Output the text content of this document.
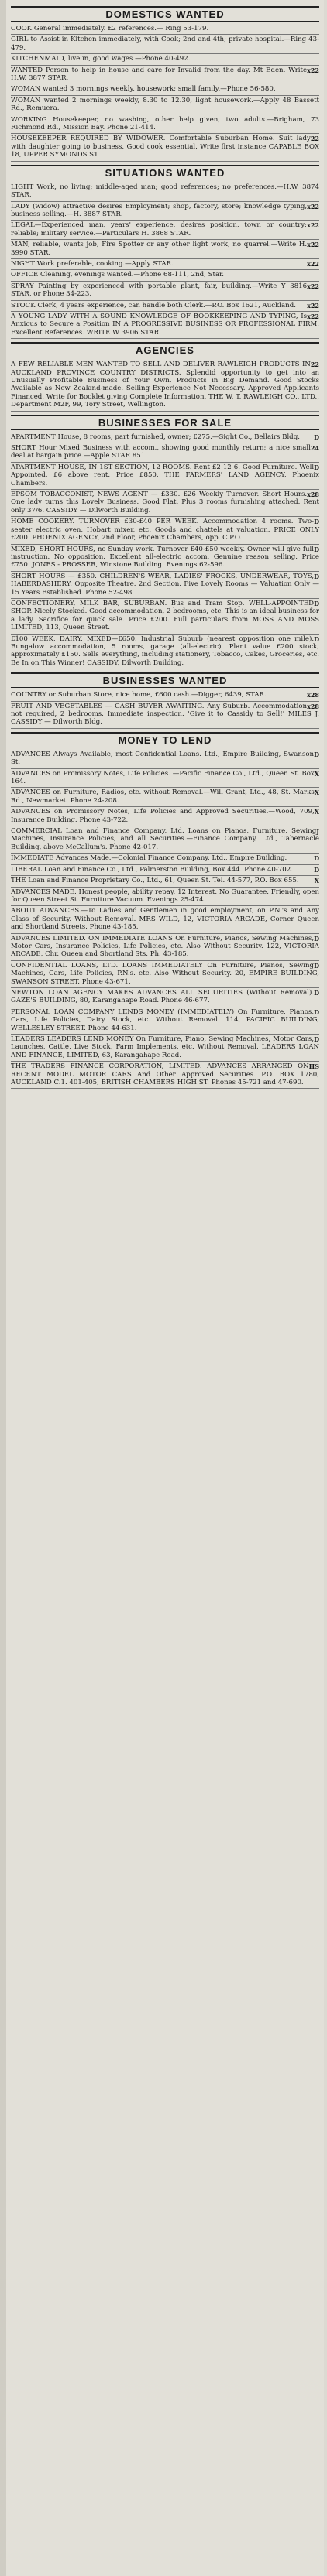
DOMESTICS WANTED
COOK General immediately. £2 references.— Ring 53-179.
GIRL to Assist in Kitchen immediately, with Cook; 2nd and 4th; private hospital.—Ring 43-479.
KITCHENMAID, live in, good wages.—Phone 40-492.
x22
WANTED Person to help in house and care for Invalid from the day. Mt Eden. Write H.W. 3877 STAR.
WOMAN wanted 3 mornings weekly, housework; small family.—Phone 56-580.
WOMAN wanted 2 mornings weekly, 8.30 to 12.30, light housework.—Apply 48 Bassett Rd., Remuera.
WORKING Housekeeper, no washing, other help given, two adults.—Brigham, 73 Richmond Rd., Mission Bay. Phone 21-414.
22
HOUSEKEEPER REQUIRED BY WIDOWER. Comfortable Suburban Home. Suit lady with daughter going to business. Good cook essential. Write first instance CAPABLE BOX 18, UPPER SYMONDS ST.
SITUATIONS WANTED
LIGHT Work, no living; middle-aged man; good references; no preferences.—H.W. 3874 STAR.
x22
LADY (widow) attractive desires Employment; shop, factory, store; knowledge typing, business selling.—H. 3887 STAR.
x22
LEGAL—Experienced man, years' experience, desires position, town or country; reliable; military service.—Particulars H. 3868 STAR.
x22
MAN, reliable, wants job, Fire Spotter or any other light work, no quarrel.—Write H. 3990 STAR.
x22
NIGHT Work preferable, cooking.—Apply STAR.
OFFICE Cleaning, evenings wanted.—Phone 68-111, 2nd, Star.
x22
SPRAY Painting by experienced with portable plant, fair, building.—Write Y 3816 STAR, or Phone 34-223.
x22
STOCK Clerk, 4 years experience, can handle both Clerk.—P.O. Box 1621, Auckland.
x22
A YOUNG LADY WITH A SOUND KNOWLEDGE OF BOOKKEEPING AND TYPING, Is Anxious to Secure a Position IN A PROGRESSIVE BUSINESS OR PROFESSIONAL FIRM. Excellent References. WRITE W 3906 STAR.
AGENCIES
22
A FEW RELIABLE MEN WANTED TO SELL AND DELIVER RAWLEIGH PRODUCTS IN AUCKLAND PROVINCE COUNTRY DISTRICTS. Splendid opportunity to get into an Unusually Profitable Business of Your Own. Products in Big Demand. Good Stocks Available as New Zealand-made. Selling Experience Not Necessary. Approved Applicants Financed. Write for Booklet giving Complete Information. THE W. T. RAWLEIGH CO., LTD., Department M2F, 99, Tory Street, Wellington.
BUSINESSES FOR SALE
D
APARTMENT House, 8 rooms, part furnished, owner; £275.—Sight Co., Bellairs Bldg.
24
SHORT Hour Mixed Business with accom., showing good monthly return; a nice small deal at bargain price.—Apple STAR 851.
D
APARTMENT HOUSE, IN 1ST SECTION, 12 ROOMS. Rent £2 12 6. Good Furniture. Well Appointed. £6 above rent. Price £850. THE FARMERS' LAND AGENCY, Phoenix Chambers.
x28
EPSOM TOBACCONIST, NEWS AGENT — £330. £26 Weekly Turnover. Short Hours. One lady turns this Lovely Business. Good Flat. Plus 3 rooms furnishing attached. Rent only 37/6. CASSIDY — Dilworth Building.
D
HOME COOKERY. TURNOVER £30-£40 PER WEEK. Accommodation 4 rooms. Two-seater electric oven, Hobart mixer, etc. Goods and chattels at valuation. PRICE ONLY £200. PHOENIX AGENCY, 2nd Floor, Phoenix Chambers, opp. C.P.O.
D
MIXED, SHORT HOURS, no Sunday work. Turnover £40-£50 weekly. Owner will give full instruction. No opposition. Excellent all-electric accom. Genuine reason selling. Price £750. JONES - PROSSER, Winstone Building. Evenings 62-596.
D
SHORT HOURS — £350. CHILDREN'S WEAR, LADIES' FROCKS, UNDERWEAR, TOYS, HABERDASHERY. Opposite Theatre. 2nd Section. Five Lovely Rooms — Valuation Only — 15 Years Established. Phone 52-498.
D
CONFECTIONERY, MILK BAR, SUBURBAN. Bus and Tram Stop. WELL-APPOINTED SHOP. Nicely Stocked. Good accommodation, 2 bedrooms, etc. This is an ideal business for a lady. Sacrifice for quick sale. Price £200. Full particulars from MOSS AND MOSS LIMITED, 113, Queen Street.
D
£100 WEEK, DAIRY, MIXED—£650. Industrial Suburb (nearest opposition one mile). Bungalow accommodation, 5 rooms, garage (all-electric). Plant value £200 stock, approximately £150. Sells everything, including stationery, Tobacco, Cakes, Groceries, etc. Be In on This Winner! CASSIDY, Dilworth Building.
BUSINESSES WANTED
x28
COUNTRY or Suburban Store, nice home, £600 cash.—Digger, 6439, STAR.
x28
FRUIT AND VEGETABLES — CASH BUYER AWAITING. Any Suburb. Accommodation not required, 2 bedrooms. Immediate inspection. 'Give it to Cassidy to Sell!' MILES J. CASSIDY — Dilworth Bldg.
MONEY TO LEND
D
ADVANCES Always Available, most Confidential Loans. Ltd., Empire Building, Swanson St.
X
ADVANCES on Promissory Notes, Life Policies. —Pacific Finance Co., Ltd., Queen St. Box 164.
X
ADVANCES on Furniture, Radios, etc. without Removal.—Will Grant, Ltd., 48, St. Marks Rd., Newmarket. Phone 24-208.
X
ADVANCES on Promissory Notes, Life Policies and Approved Securities.—Wood, 709, Insurance Building. Phone 43-722.
J
COMMERCIAL Loan and Finance Company, Ltd. Loans on Pianos, Furniture, Sewing Machines, Insurance Policies, and all Securities.—Finance Company, Ltd., Tabernacle Building, above McCallum's. Phone 42-017.
D
IMMEDIATE Advances Made.—Colonial Finance Company, Ltd., Empire Building.
D
LIBERAL Loan and Finance Co., Ltd., Palmerston Building, Box 444. Phone 40-702.
X
THE Loan and Finance Proprietary Co., Ltd., 61, Queen St. Tel. 44-577, P.O. Box 655.
ADVANCES MADE. Honest people, ability repay. 12 Interest. No Guarantee. Friendly, open for Queen Street St. Furniture Vacuum. Evenings 25-474.
ABOUT ADVANCES.—To Ladies and Gentlemen in good employment, on P.N.'s and Any Class of Security. Without Removal. MRS WILD, 12, VICTORIA ARCADE, Corner Queen and Shortland Streets. Phone 43-185.
D
ADVANCES LIMITED. ON IMMEDIATE LOANS On Furniture, Pianos, Sewing Machines, Motor Cars, Insurance Policies, Life Policies, etc. Also Without Security. 122, VICTORIA ARCADE, Chr. Queen and Shortland Sts. Ph. 43-185.
D
CONFIDENTIAL LOANS, LTD. LOANS IMMEDIATELY On Furniture, Pianos, Sewing Machines, Cars, Life Policies, P.N.s. etc. Also Without Security. 20, EMPIRE BUILDING, SWANSON STREET. Phone 43-671.
D
NEWTON LOAN AGENCY MAKES ADVANCES ALL SECURITIES (Without Removal). GAZE'S BUILDING, 80, Karangahape Road. Phone 46-677.
D
PERSONAL LOAN COMPANY LENDS MONEY (IMMEDIATELY) On Furniture, Pianos, Cars, Life Policies, Dairy Stock, etc. Without Removal. 114, PACIFIC BUILDING, WELLESLEY STREET. Phone 44-631.
D
LEADERS LEADERS LEND MONEY On Furniture, Piano, Sewing Machines, Motor Cars, Launches, Cattle, Live Stock, Farm Implements, etc. Without Removal. LEADERS LOAN AND FINANCE, LIMITED, 63, Karangahape Road.
HS
THE TRADERS FINANCE CORPORATION, LIMITED. ADVANCES ARRANGED ON RECENT MODEL MOTOR CARS And Other Approved Securities. P.O. BOX 1780, AUCKLAND C.1. 401-405, BRITISH CHAMBERS HIGH ST. Phones 45-721 and 47-690.
